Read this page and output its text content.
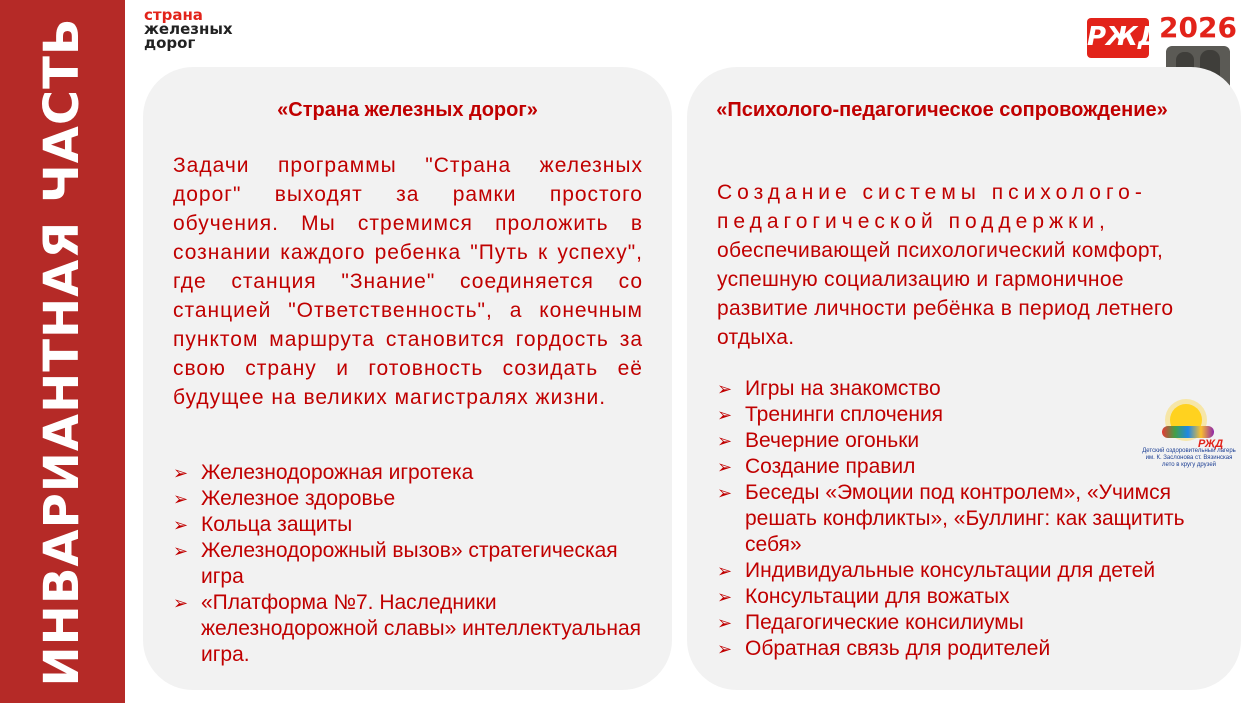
ИНВАРИАНТНАЯ ЧАСТЬ
страна
железных
дорог	РЖД
2026
«Страна железных дорог»
Задачи программы "Страна железных дорог" выходят за рамки простого обучения. Мы стремимся проложить в сознании каждого ребенка "Путь к успеху", где станция "Знание" соединяется со станцией "Ответственность", а конечным пунктом маршрута становится гордость за свою страну и готовность созидать её будущее на великих магистралях жизни.
➢ Железнодорожная игротека
➢ Железное здоровье
➢ Кольца защиты
➢ Железнодорожный вызов» стратегическая игра
➢ «Платформа №7. Наследники железнодорожной славы» интеллектуальная игра.
«Психолого-педагогическое сопровождение»
Создание системы психолого-педагогической поддержки, обеспечивающей психологический комфорт, успешную социализацию и гармоничное развитие личности ребёнка в период летнего отдыха.
➢ Игры на знакомство
➢ Тренинги сплочения
➢ Вечерние огоньки
➢ Создание правил
➢ Беседы «Эмоции под контролем», «Учимся решать конфликты», «Буллинг: как защитить себя»
➢ Индивидуальные консультации для детей
➢ Консультации для вожатых
➢ Педагогические консилиумы
➢ Обратная связь для родителей
РЖД
Детский оздоровительный лагерь
им. К. Заслонова ст. Вязинская
лето в кругу друзей
